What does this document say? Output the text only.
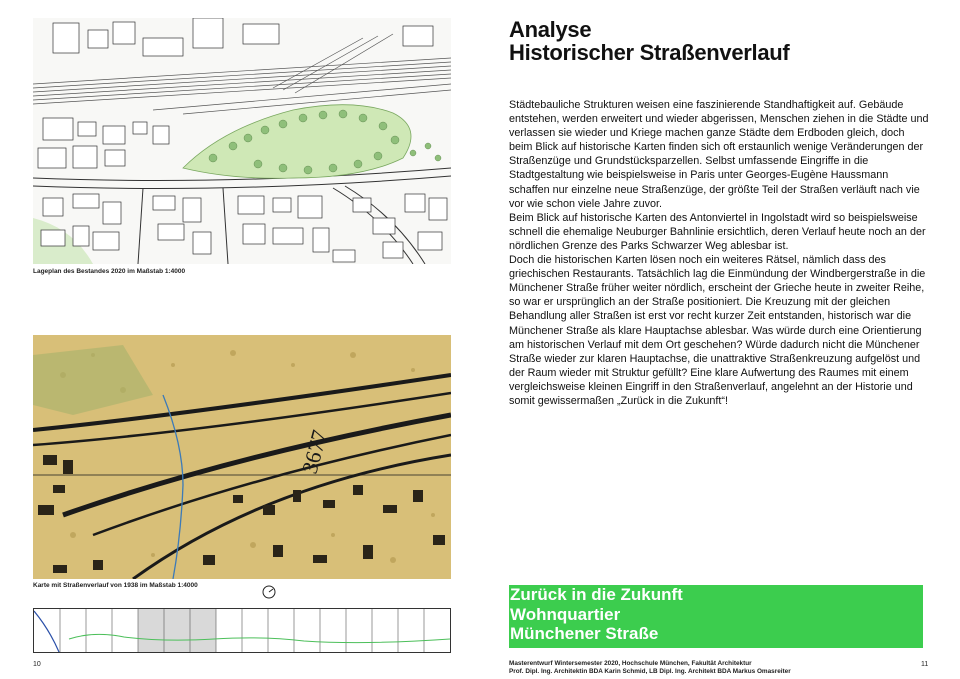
Lageplan des Bestandes 2020 im Maßstab 1:4000
3677
Karte mit Straßenverlauf von 1938 im Maßstab 1:4000
10
Analyse
Historischer Straßenverlauf

Städtebauliche Strukturen weisen eine faszinierende Standhaftigkeit auf. Gebäude entstehen, werden erweitert und wieder abgerissen, Menschen ziehen in die Städte und verlassen sie wieder und Kriege machen ganze Städte dem Erdboden gleich, doch beim Blick auf historische Karten finden sich oft erstaunlich wenige Veränderungen der Straßenzüge und Grundstücksparzellen. Selbst umfassende Eingriffe in die Stadtgestaltung wie beispielsweise in Paris unter Georges-Eugène Haussmann schaffen nur einzelne neue Straßenzüge, der größte Teil der Straßen verläuft nach vie vor wie schon viele Jahre zuvor.

Beim Blick auf historische Karten des Antonviertel in Ingolstadt wird so beispielsweise schnell die ehemalige Neuburger Bahnlinie ersichtlich, deren Verlauf heute noch an der nördlichen Grenze des Parks Schwarzer Weg ablesbar ist.

Doch die historischen Karten lösen noch ein weiteres Rätsel, nämlich dass des griechischen Restaurants. Tatsächlich lag die Einmündung der Windbergerstraße in die Münchener Straße früher weiter nördlich, erscheint der Grieche heute in zweiter Reihe, so war er ursprünglich an der Straße positioniert. Die Kreuzung mit der gleichen Behandlung aller Straßen ist erst vor recht kurzer Zeit entstanden, historisch war die Münchener Straße als klare Hauptachse ablesbar. Was würde durch eine Orientierung am historischen Verlauf mit dem Ort geschehen? Würde dadurch nicht die Münchener Straße wieder zur klaren Hauptachse, die unattraktive Straßenkreuzung aufgelöst und der Raum wieder mit Struktur gefüllt? Eine klare Aufwertung des Raumes mit einem vergleichsweise kleinen Eingriff in den Straßenverlauf, angelehnt an der Historie und somit gewissermaßen „Zurück in die Zukunft“!

Zurück in die Zukunft
Wohnquartier
Münchener Straße
Masterentwurf Wintersemester 2020, Hochschule München, Fakultät Architektur
Prof. Dipl. Ing. Architektin BDA Karin Schmid, LB Dipl. Ing. Architekt BDA Markus Omasreiter
11
